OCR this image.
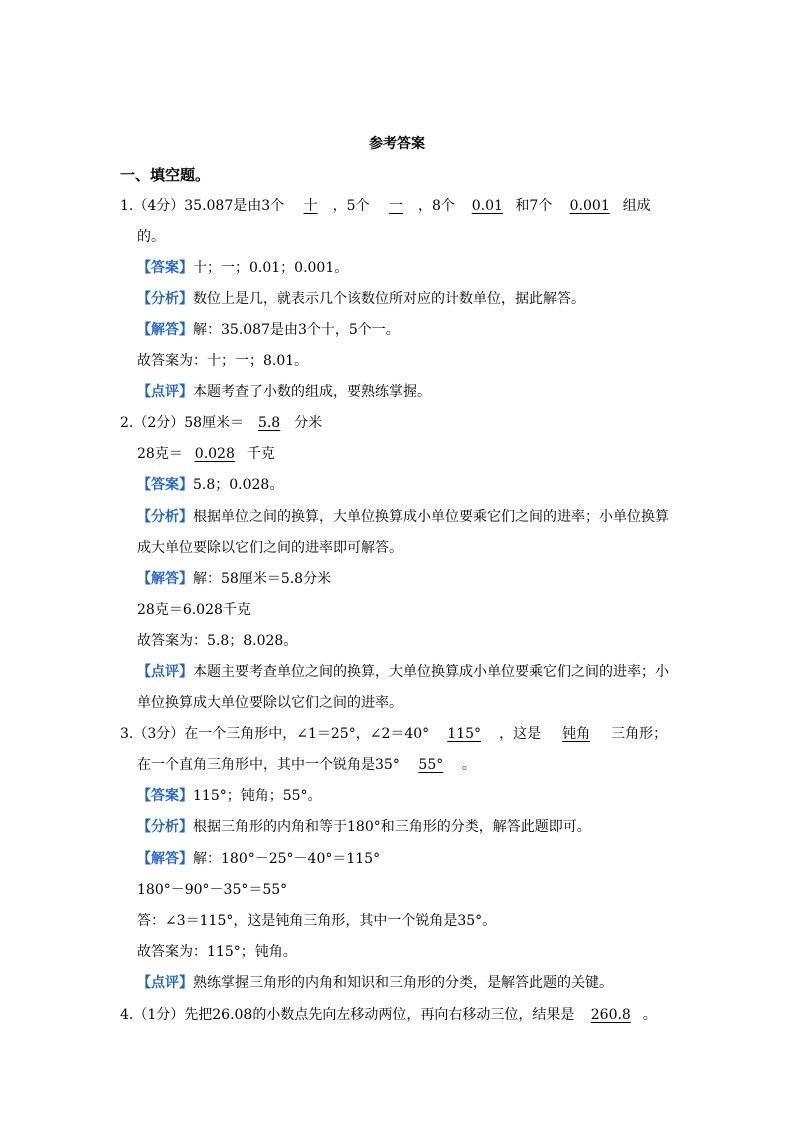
参考答案
一、填空题。
1.（4分）35.087是由3个 十 ，5个 一 ，8个 0.01 和7个 0.001 组成
的。
【答案】十；一；0.01；0.001。
【分析】数位上是几，就表示几个该数位所对应的计数单位，据此解答。
【解答】解：35.087是由3个十，5个一。
故答案为：十；一；8.01。
【点评】本题考查了小数的组成，要熟练掌握。
2.（2分）58厘米＝ 5.8 分米
28克＝ 0.028 千克
【答案】5.8；0.028。
【分析】根据单位之间的换算，大单位换算成小单位要乘它们之间的进率；小单位换算
成大单位要除以它们之间的进率即可解答。
【解答】解：58厘米＝5.8分米
28克＝6.028千克
故答案为：5.8；8.028。
【点评】本题主要考查单位之间的换算，大单位换算成小单位要乘它们之间的进率；小
单位换算成大单位要除以它们之间的进率。
3.（3分）在一个三角形中，∠1＝25°，∠2＝40° 115° ，这是 钝角 三角形；
在一个直角三角形中，其中一个锐角是35° 55° 。
【答案】115°；钝角；55°。
【分析】根据三角形的内角和等于180°和三角形的分类，解答此题即可。
【解答】解：180°－25°－40°＝115°
180°－90°－35°＝55°
答：∠3＝115°，这是钝角三角形，其中一个锐角是35°。
故答案为：115°；钝角。
【点评】熟练掌握三角形的内角和知识和三角形的分类，是解答此题的关键。
4.（1分）先把26.08的小数点先向左移动两位，再向右移动三位，结果是 260.8 。
